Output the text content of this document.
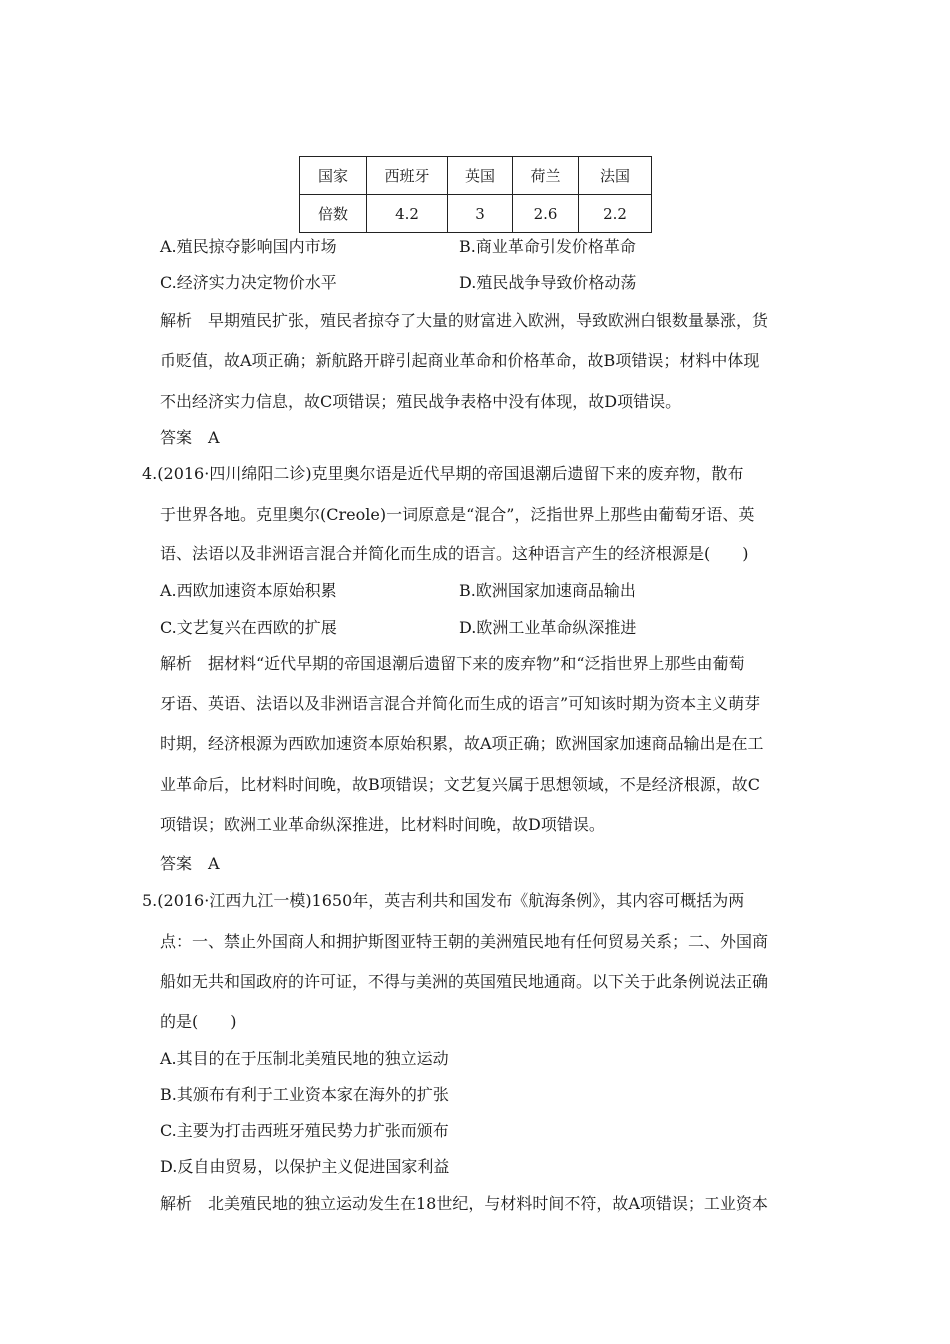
国家	西班牙	英国	荷兰	法国
倍数	4.2	3	2.6	2.2
A.殖民掠夺影响国内市场	B.商业革命引发价格革命
C.经济实力决定物价水平	D.殖民战争导致价格动荡
解析　早期殖民扩张，殖民者掠夺了大量的财富进入欧洲，导致欧洲白银数量暴涨，货
币贬值，故A项正确；新航路开辟引起商业革命和价格革命，故B项错误；材料中体现
不出经济实力信息，故C项错误；殖民战争表格中没有体现，故D项错误。
答案　A
4.(2016·四川绵阳二诊)克里奥尔语是近代早期的帝国退潮后遗留下来的废弃物，散布
于世界各地。克里奥尔(Creole)一词原意是“混合”，泛指世界上那些由葡萄牙语、英
语、法语以及非洲语言混合并简化而生成的语言。这种语言产生的经济根源是(　　)
A.西欧加速资本原始积累	B.欧洲国家加速商品输出
C.文艺复兴在西欧的扩展	D.欧洲工业革命纵深推进
解析　据材料“近代早期的帝国退潮后遗留下来的废弃物”和“泛指世界上那些由葡萄
牙语、英语、法语以及非洲语言混合并简化而生成的语言”可知该时期为资本主义萌芽
时期，经济根源为西欧加速资本原始积累，故A项正确；欧洲国家加速商品输出是在工
业革命后，比材料时间晚，故B项错误；文艺复兴属于思想领域，不是经济根源，故C
项错误；欧洲工业革命纵深推进，比材料时间晚，故D项错误。
答案　A
5.(2016·江西九江一模)1650年，英吉利共和国发布《航海条例》，其内容可概括为两
点：一、禁止外国商人和拥护斯图亚特王朝的美洲殖民地有任何贸易关系；二、外国商
船如无共和国政府的许可证，不得与美洲的英国殖民地通商。以下关于此条例说法正确
的是(　　)
A.其目的在于压制北美殖民地的独立运动
B.其颁布有利于工业资本家在海外的扩张
C.主要为打击西班牙殖民势力扩张而颁布
D.反自由贸易，以保护主义促进国家利益
解析　北美殖民地的独立运动发生在18世纪，与材料时间不符，故A项错误；工业资本
